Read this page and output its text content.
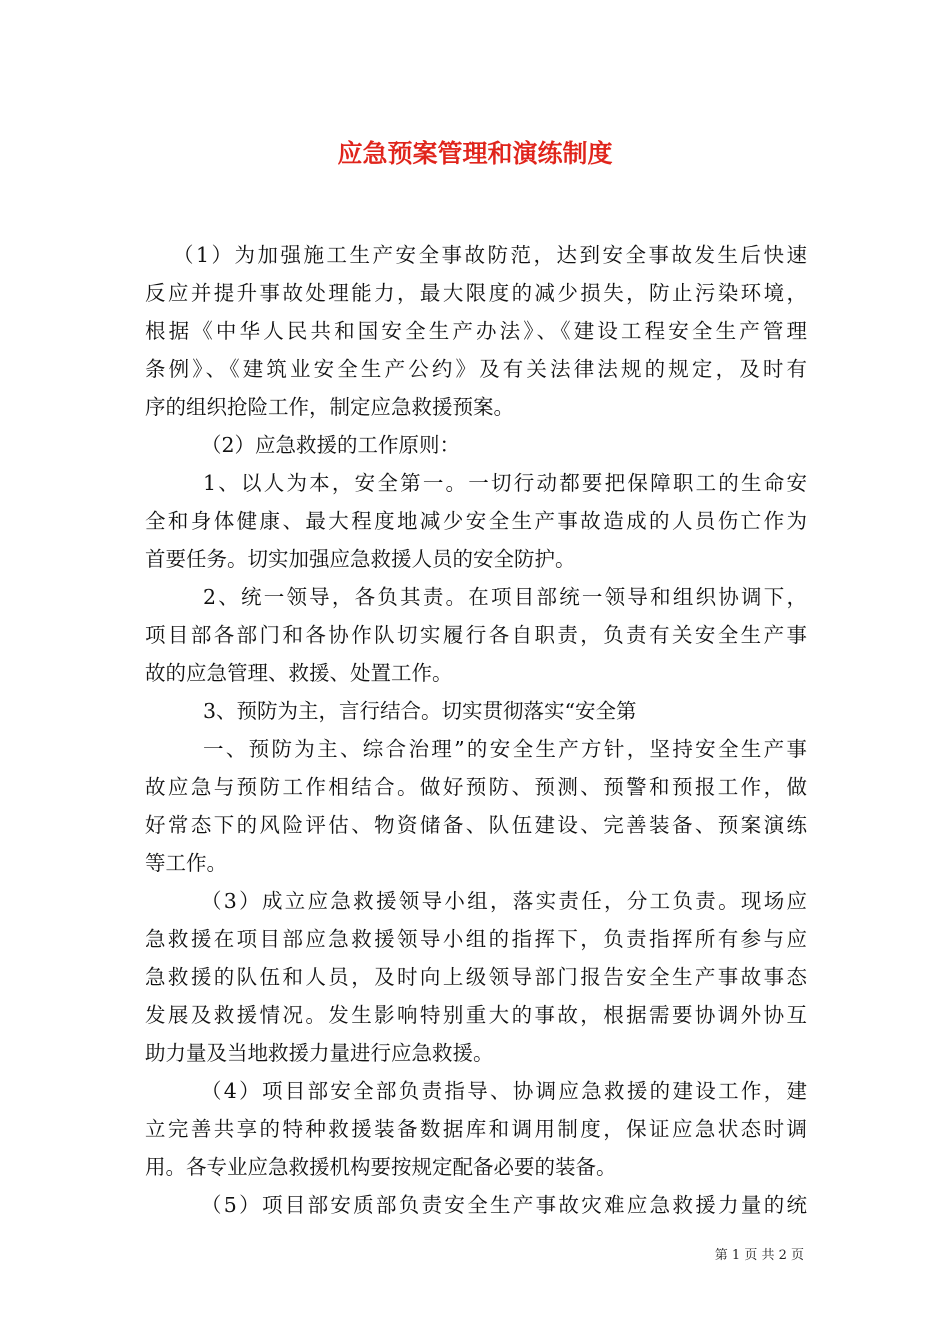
应急预案管理和演练制度
（1）为加强施工生产安全事故防范，达到安全事故发生后快速
反应并提升事故处理能力，最大限度的减少损失，防止污染环境，
根据《中华人民共和国安全生产办法》、《建设工程安全生产管理
条例》、《建筑业安全生产公约》及有关法律法规的规定，及时有
序的组织抢险工作，制定应急救援预案。
（2）应急救援的工作原则：
1、以人为本，安全第一。一切行动都要把保障职工的生命安
全和身体健康、最大程度地减少安全生产事故造成的人员伤亡作为
首要任务。切实加强应急救援人员的安全防护。
2、统一领导，各负其责。在项目部统一领导和组织协调下，
项目部各部门和各协作队切实履行各自职责，负责有关安全生产事
故的应急管理、救援、处置工作。
3、预防为主，言行结合。切实贯彻落实“安全第
一、预防为主、综合治理”的安全生产方针，坚持安全生产事
故应急与预防工作相结合。做好预防、预测、预警和预报工作，做
好常态下的风险评估、物资储备、队伍建设、完善装备、预案演练
等工作。
（3）成立应急救援领导小组，落实责任，分工负责。现场应
急救援在项目部应急救援领导小组的指挥下，负责指挥所有参与应
急救援的队伍和人员，及时向上级领导部门报告安全生产事故事态
发展及救援情况。发生影响特别重大的事故，根据需要协调外协互
助力量及当地救援力量进行应急救援。
（4）项目部安全部负责指导、协调应急救援的建设工作，建
立完善共享的特种救援装备数据库和调用制度，保证应急状态时调
用。各专业应急救援机构要按规定配备必要的装备。
（5）项目部安质部负责安全生产事故灾难应急救援力量的统
第 1 页 共 2 页
